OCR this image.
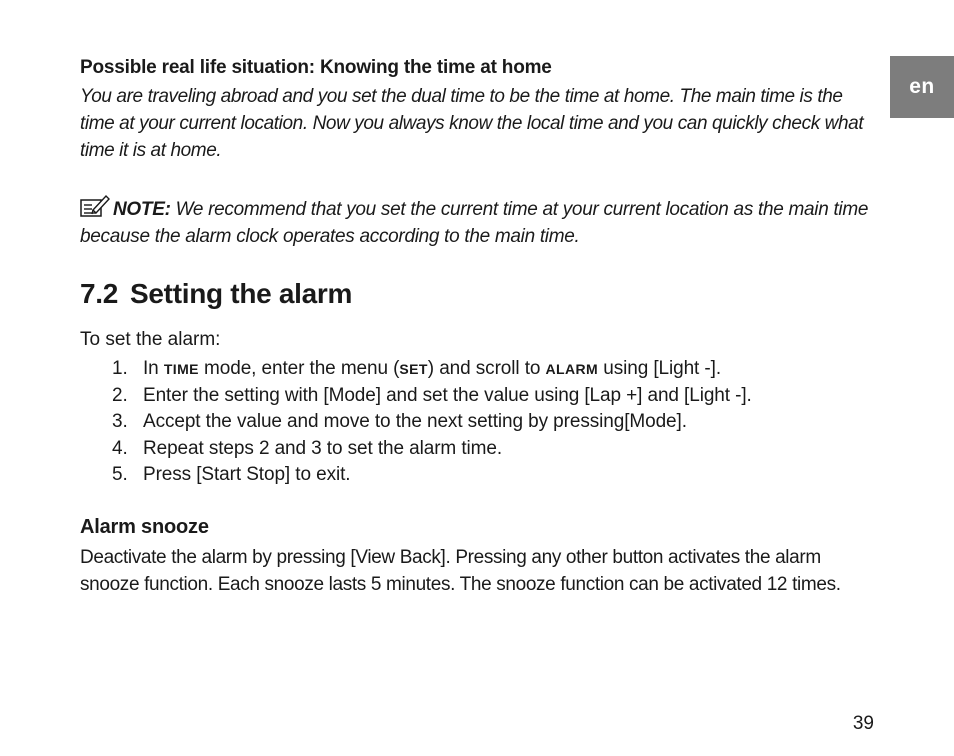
en

Possible real life situation: Knowing the time at home

You are traveling abroad and you set the dual time to be the time at home. The main time is the time at your current location. Now you always know the local time and you can quickly check what time it is at home.

NOTE: We recommend that you set the current time at your current location as the main time because the alarm clock operates according to the main time.

7.2 Setting the alarm

To set the alarm:

1. In TIME mode, enter the menu (SET) and scroll to ALARM using [Light -].
2. Enter the setting with [Mode] and set the value using [Lap +] and [Light -].
3. Accept the value and move to the next setting by pressing[Mode].
4. Repeat steps 2 and 3 to set the alarm time.
5. Press [Start Stop] to exit.
Alarm snooze

Deactivate the alarm by pressing [View Back]. Pressing any other button activates the alarm snooze function. Each snooze lasts 5 minutes. The snooze function can be activated 12 times.

39
